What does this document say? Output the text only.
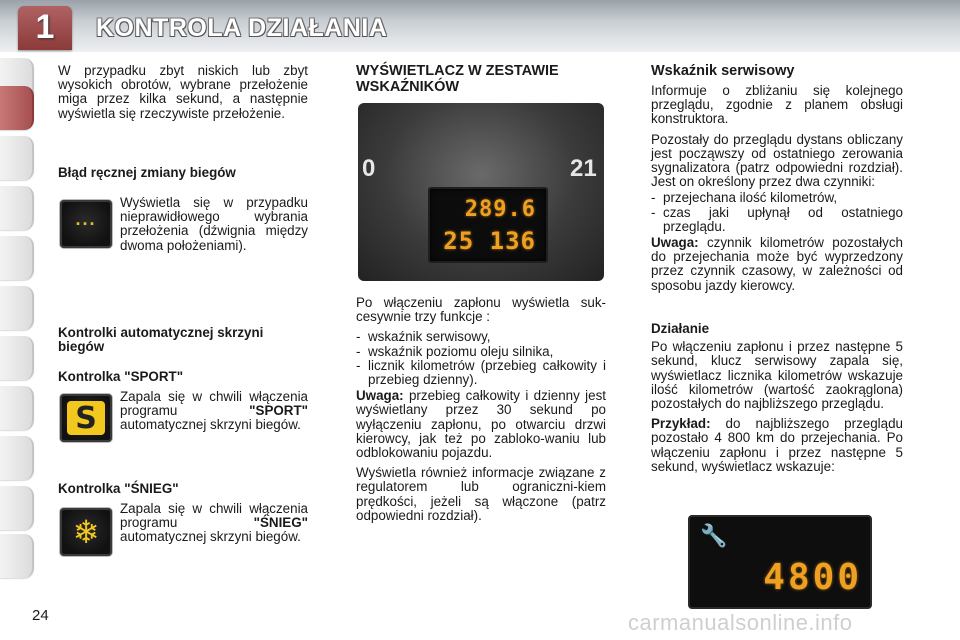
1	KONTROLA DZIAŁANIA

W przypadku zbyt niskich lub zbyt wysokich obrotów, wybrane przełożenie miga przez kilka sekund, a następnie wyświetla się rzeczywiste przełożenie.

Błąd ręcznej zmiany biegów
···

Wyświetla się w przypadku nieprawidłowego wybrania przełożenia (dźwignia między dwoma położeniami).

Kontrolki automatycznej skrzyni biegów
Kontrolka "SPORT"
S

Zapala się w chwili włączenia programu "SPORT" automatycznej skrzyni biegów.

Kontrolka "ŚNIEG"
❄

Zapala się w chwili włączenia programu "ŚNIEG" automatycznej skrzyni biegów.

WYŚWIETLACZ W ZESTAWIE WSKAŹNIKÓW
0	21
289.6
25 136

Po włączeniu zapłonu wyświetla suk-cesywnie trzy funkcje :

- wskaźnik serwisowy,
- wskaźnik poziomu oleju silnika,
- licznik kilometrów (przebieg całkowity i przebieg dzienny).

Uwaga: przebieg całkowity i dzienny jest wyświetlany przez 30 sekund po wyłączeniu zapłonu, po otwarciu drzwi kierowcy, jak też po zabloko-waniu lub odblokowaniu pojazdu.

Wyświetla również informacje związane z regulatorem lub ograniczni-kiem prędkości, jeżeli są włączone (patrz odpowiedni rozdział).

Wskaźnik serwisowy

Informuje o zbliżaniu się kolejnego przeglądu, zgodnie z planem obsługi konstruktora.

Pozostały do przeglądu dystans obliczany jest począwszy od ostatniego zerowania sygnalizatora (patrz odpowiedni rozdział). Jest on określony przez dwa czynniki:

- przejechana ilość kilometrów,
- czas jaki upłynął od ostatniego przeglądu.

Uwaga: czynnik kilometrów pozostałych do przejechania może być wyprzedzony przez czynnik czasowy, w zależności od sposobu jazdy kierowcy.

Działanie

Po włączeniu zapłonu i przez następne 5 sekund, klucz serwisowy zapala się, wyświetlacz licznika kilometrów wskazuje ilość kilometrów (wartość zaokrąglona) pozostałych do najbliższego przeglądu.

Przykład: do najbliższego przeglądu pozostało 4 800 km do przejechania. Po włączeniu zapłonu i przez następne 5 sekund, wyświetlacz wskazuje:

🔧
4800
24	carmanualsonline.info
